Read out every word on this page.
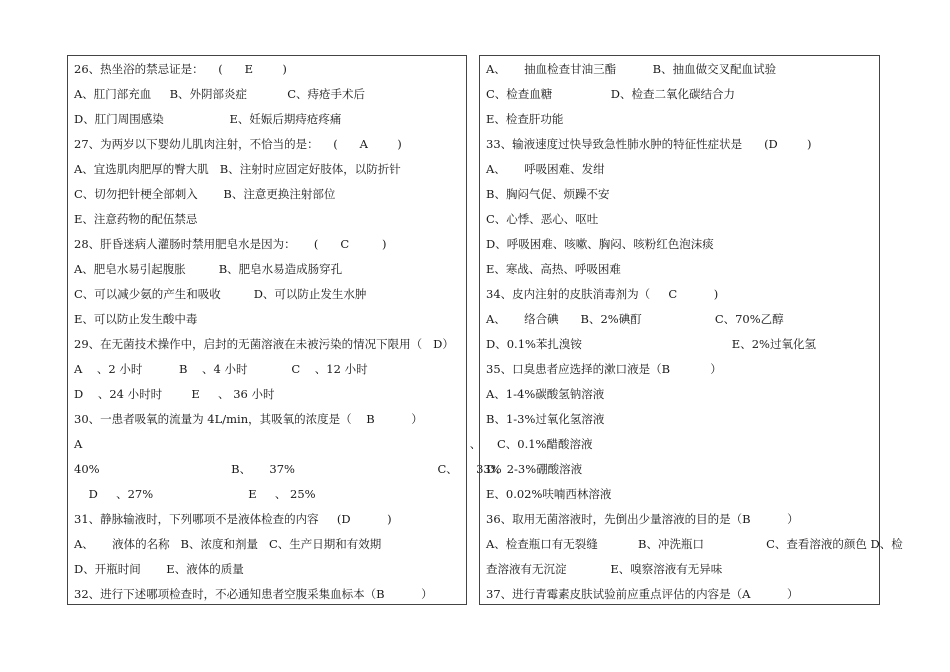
26、热坐浴的禁忌证是：    (      E        )
A、肛门部充血     B、外阴部炎症           C、痔疮手术后
D、肛门周围感染                  E、妊娠后期痔疮疼痛
27、为两岁以下婴幼儿肌肉注射，不恰当的是：    (      A        )
A、宜选肌肉肥厚的臀大肌   B、注射时应固定好肢体，以防折针
C、切勿把针梗全部刺入       B、注意更换注射部位
E、注意药物的配伍禁忌
28、肝昏迷病人灌肠时禁用肥皂水是因为：     (      C         )
A、肥皂水易引起腹胀         B、肥皂水易造成肠穿孔
C、可以减少氨的产生和吸收         D、可以防止发生水肿
E、可以防止发生酸中毒
29、在无菌技术操作中，启封的无菌溶液在未被污染的情况下限用（   D）
A    、2 小时          B    、4 小时            C    、12 小时
D    、24 小时时        E     、 36 小时
30、一患者吸氧的流量为 4L/min，其吸氧的浓度是（    B          ）
A                                                                                                          、
40%                                    B、     37%                                       C、     33%
D     、27%                          E     、 25%
31、静脉输液时，下列哪项不是液体检查的内容     (D          )
A、     液体的名称   B、浓度和剂量   C、生产日期和有效期
D、开瓶时间       E、液体的质量
32、进行下述哪项检查时，不必通知患者空腹采集血标本（B          ）
A、     抽血检查甘油三酯          B、抽血做交叉配血试验
C、检查血糖                D、检查二氧化碳结合力
E、检查肝功能
33、输液速度过快导致急性肺水肿的特征性症状是      (D        )
A、     呼吸困难、发绀
B、胸闷气促、烦躁不安
C、心悸、恶心、呕吐
D、呼吸困难、咳嗽、胸闷、咳粉红色泡沫痰
E、寒战、高热、呼吸困难
34、皮内注射的皮肤消毒剂为（     C          )
A、     络合碘      B、2%碘酊                    C、70%乙醇
D、0.1%苯扎溴铵                                         E、2%过氧化氢
35、口臭患者应选择的漱口液是（B           ）
A、1-4%碳酸氢钠溶液
B、1-3%过氧化氢溶液
C、0.1%醋酸溶液
D、2-3%硼酸溶液
E、0.02%呋喃西林溶液
36、取用无菌溶液时，先倒出少量溶液的目的是（B          ）
A、检查瓶口有无裂缝           B、冲洗瓶口                 C、查看溶液的颜色 D、检
查溶液有无沉淀            E、嗅察溶液有无异味
37、进行青霉素皮肤试验前应重点评估的内容是（A          ）
